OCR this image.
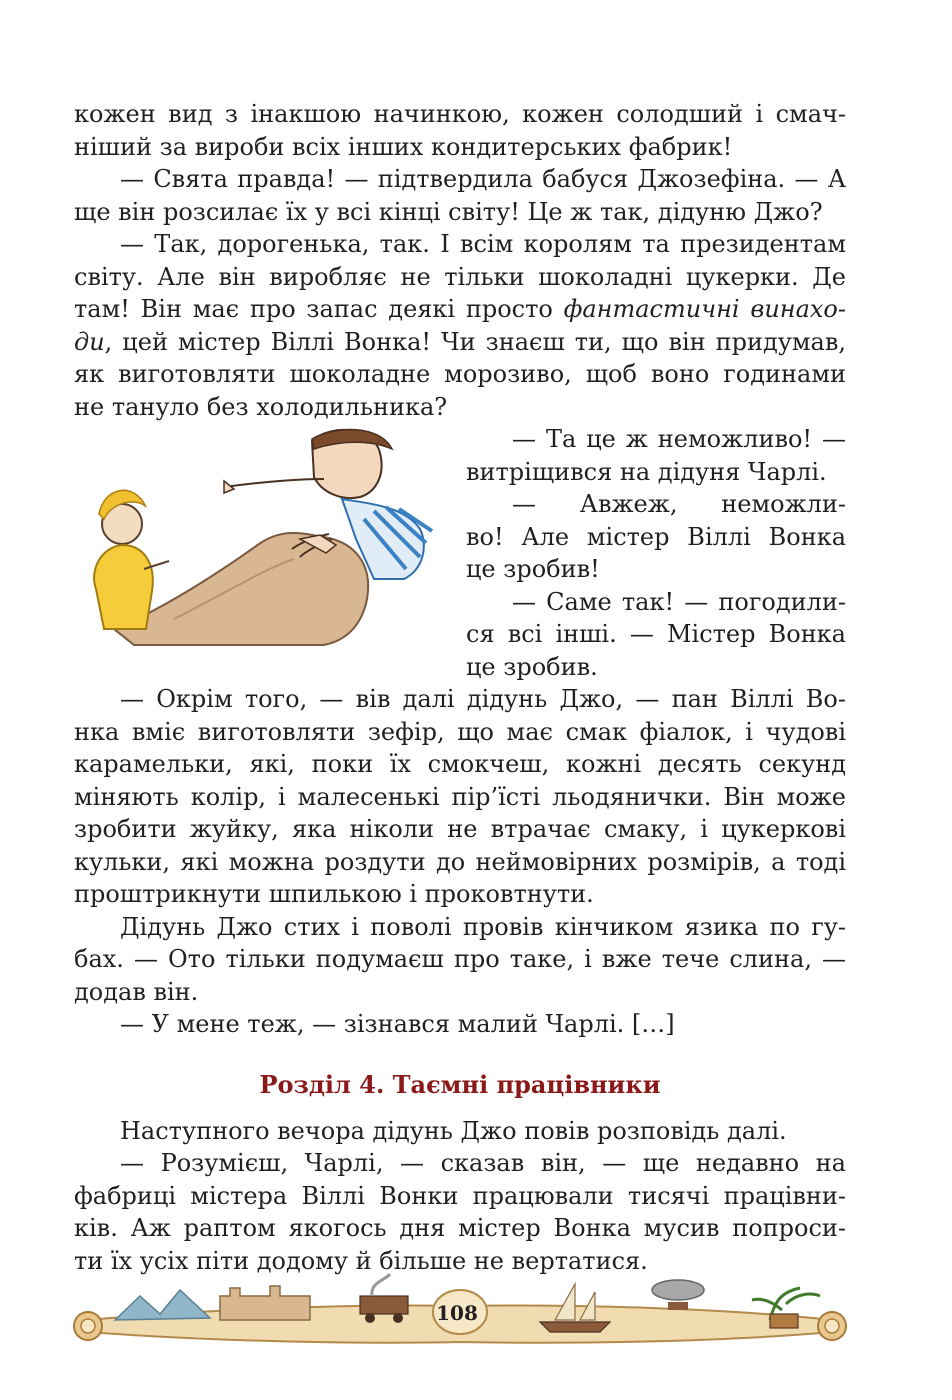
кожен вид з інакшою начинкою, кожен солодший і смач-
ніший за вироби всіх інших кондитерських фабрик!
— Свята правда! — підтвердила бабуся Джозефіна. — А
ще він розсилає їх у всі кінці світу! Це ж так, дідуню Джо?
— Так, дорогенька, так. І всім королям та президентам
світу. Але він виробляє не тільки шоколадні цукерки. Де
там! Він має про запас деякі просто фантастичні винахо-
ди, цей містер Віллі Вонка! Чи знаєш ти, що він придумав,
як виготовляти шоколадне морозиво, щоб воно годинами
не тануло без холодильника?
— Та це ж неможливо! —
витріщився на дідуня Чарлі.
— Авжеж, неможли-
во! Але містер Віллі Вонка
це зробив!
— Саме так! — погодили-
ся всі інші. — Містер Вонка
це зробив.
— Окрім того, — вів далі дідунь Джо, — пан Віллі Во-
нка вміє виготовляти зефір, що має смак фіалок, і чудові
карамельки, які, поки їх смокчеш, кожні десять секунд
міняють колір, і малесенькі пір’їсті льодянички. Він може
зробити жуйку, яка ніколи не втрачає смаку, і цукеркові
кульки, які можна роздути до неймовірних розмірів, а тоді
проштрикнути шпилькою і проковтнути.
Дідунь Джо стих і поволі провів кінчиком язика по гу-
бах. — Ото тільки подумаєш про таке, і вже тече слина, —
додав він.
— У мене теж, — зізнався малий Чарлі. […]
Розділ 4. Таємні працівники
Наступного вечора дідунь Джо повів розповідь далі.
— Розумієш, Чарлі, — сказав він, — ще недавно на
фабриці містера Віллі Вонки працювали тисячі працівни-
ків. Аж раптом якогось дня містер Вонка мусив попроси-
ти їх усіх піти додому й більше не вертатися.
108
